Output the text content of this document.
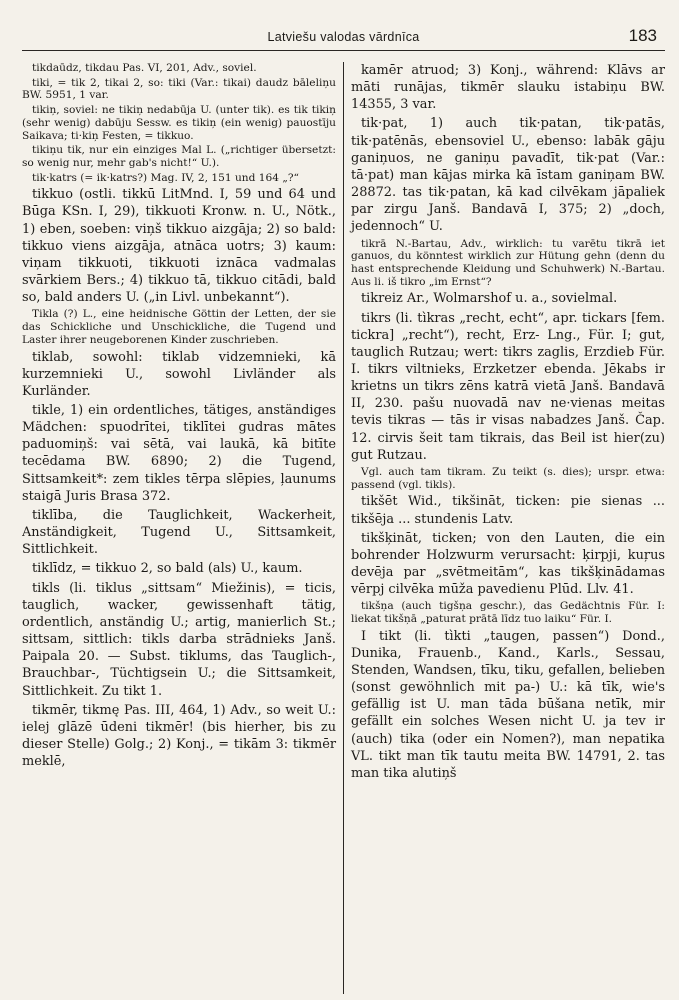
Latviešu valodas vārdnīca	183

tikdaūdz, tikdau Pas. VI, 201, Adv., soviel.

tiki, = tik 2, tikai 2, so: tiki (Var.: tikai) daudz bāleliņu BW. 5951, 1 var.

tikiņ, soviel: ne tikiņ nedabūja U. (unter tik). es tik tikiņ (sehr wenig) dabūju Sessw. es tikiņ (ein wenig) pauostīju Saikava; ti·kiņ Festen, = tikkuo.

tikiņu tik, nur ein einziges Mal L. („richtiger übersetzt: so wenig nur, mehr gab's nicht!“ U.).

tik·katrs (= ik·katrs?) Mag. IV, 2, 151 und 164 „?“

tikkuo (ostli. tikkū LitMnd. I, 59 und 64 und Būga KSn. I, 29), tikkuoti Kronw. n. U., Nötk., 1) eben, soeben: viņš tikkuo aizgāja; 2) so bald: tikkuo viens aizgāja, atnāca uotrs; 3) kaum: viņam tikkuoti, tikkuoti iznāca vadmalas svārkiem Bers.; 4) tikkuo tā, tikkuo citādi, bald so, bald anders U. („in Livl. unbekannt“).

Tikla (?) L., eine heidnische Göttin der Letten, der sie das Schickliche und Unschickliche, die Tugend und Laster ihrer neugeborenen Kinder zuschrieben.

tiklab, sowohl: tiklab vidzemnieki, kā kurzemnieki U., sowohl Livländer als Kurländer.

tikle, 1) ein ordentliches, tätiges, anständiges Mädchen: spuodrītei, tiklītei gudras mātes paduomiņš: vai sētā, vai laukā, kā bitīte tecēdama BW. 6890; 2) die Tugend, Sittsamkeit*: zem tikles tērpa slēpies, ļaunums staigā Juris Brasa 372.

tiklība, die Tauglichkeit, Wackerheit, Anständigkeit, Tugend U., Sittsamkeit, Sittlichkeit.

tiklīdz, = tikkuo 2, so bald (als) U., kaum.

tikls (li. tiklus „sittsam“ Miežinis), = ticis, tauglich, wacker, gewissenhaft tätig, ordentlich, anständig U.; artig, manierlich St.; sittsam, sittlich: tikls darba strādnieks Janš. Paipala 20. — Subst. tiklums, das Tauglich-, Brauchbar-, Tüchtigsein U.; die Sittsamkeit, Sittlichkeit. Zu tikt 1.

tikmēr, tikmę Pas. III, 464, 1) Adv., so weit U.: ielej glāzē ūdeni tikmēr! (bis hierher, bis zu dieser Stelle) Golg.; 2) Konj., = tikām 3: tikmēr meklē,

kamēr atruod; 3) Konj., während: Klāvs ar māti runājas, tikmēr slauku istabiņu BW. 14355, 3 var.

tik·pat, 1) auch tik·patan, tik·patās, tik·patēnās, ebensoviel U., ebenso: labāk gāju ganiņuos, ne ganiņu pavadīt, tik·pat (Var.: tā·pat) man kājas mirka kā īstam ganiņam BW. 28872. tas tik·patan, kā kad cilvēkam jāpaliek par zirgu Janš. Bandavā I, 375; 2) „doch, jedennoch“ U.

tikrā N.-Bartau, Adv., wirklich: tu varētu tikrā iet ganuos, du könntest wirklich zur Hütung gehn (denn du hast entsprechende Kleidung und Schuhwerk) N.-Bartau. Aus li. iš tikro „im Ernst“?

tikreiz Ar., Wolmarshof u. a., sovielmal.

tikrs (li. tìkras „recht, echt“, apr. tickars [fem. tickra] „recht“), recht, Erz- Lng., Für. I; gut, tauglich Rutzau; wert: tikrs zaglis, Erzdieb Für. I. tikrs viltnieks, Erzketzer ebenda. Jēkabs ir krietns un tikrs zēns katrā vietā Janš. Bandavā II, 230. pašu nuovadā nav ne·vienas meitas tevis tikras — tās ir visas nabadzes Janš. Čap. 12. cirvis šeit tam tikrais, das Beil ist hier(zu) gut Rutzau.

Vgl. auch tam tikram. Zu teikt (s. dies); urspr. etwa: passend (vgl. tikls).

tikšēt Wid., tikšināt, ticken: pie sienas ... tikšēja ... stundenis Latv.

tikšķināt, ticken; von den Lauten, die ein bohrender Holzwurm verursacht: ķirpji, kuŗus devēja par „svētmeitām“, kas tikšķinādamas vērpj cilvēka mūža pavedienu Plūd. Llv. 41.

tikšņa (auch tigšņa geschr.), das Gedächtnis Für. I: liekat tikšņā „paturat prātā līdz tuo laiku“ Für. I.

I tikt (li. tìkti „taugen, passen“) Dond., Dunika, Frauenb., Kand., Karls., Sessau, Stenden, Wandsen, tīku, tiku, gefallen, belieben (sonst gewöhnlich mit pa-) U.: kā tīk, wie's gefällig ist U. man tāda būšana netīk, mir gefällt ein solches Wesen nicht U. ja tev ir (auch) tika (oder ein Nomen?), man nepatika VL. tikt man tīk tautu meita BW. 14791, 2. tas man tika alutiņš
